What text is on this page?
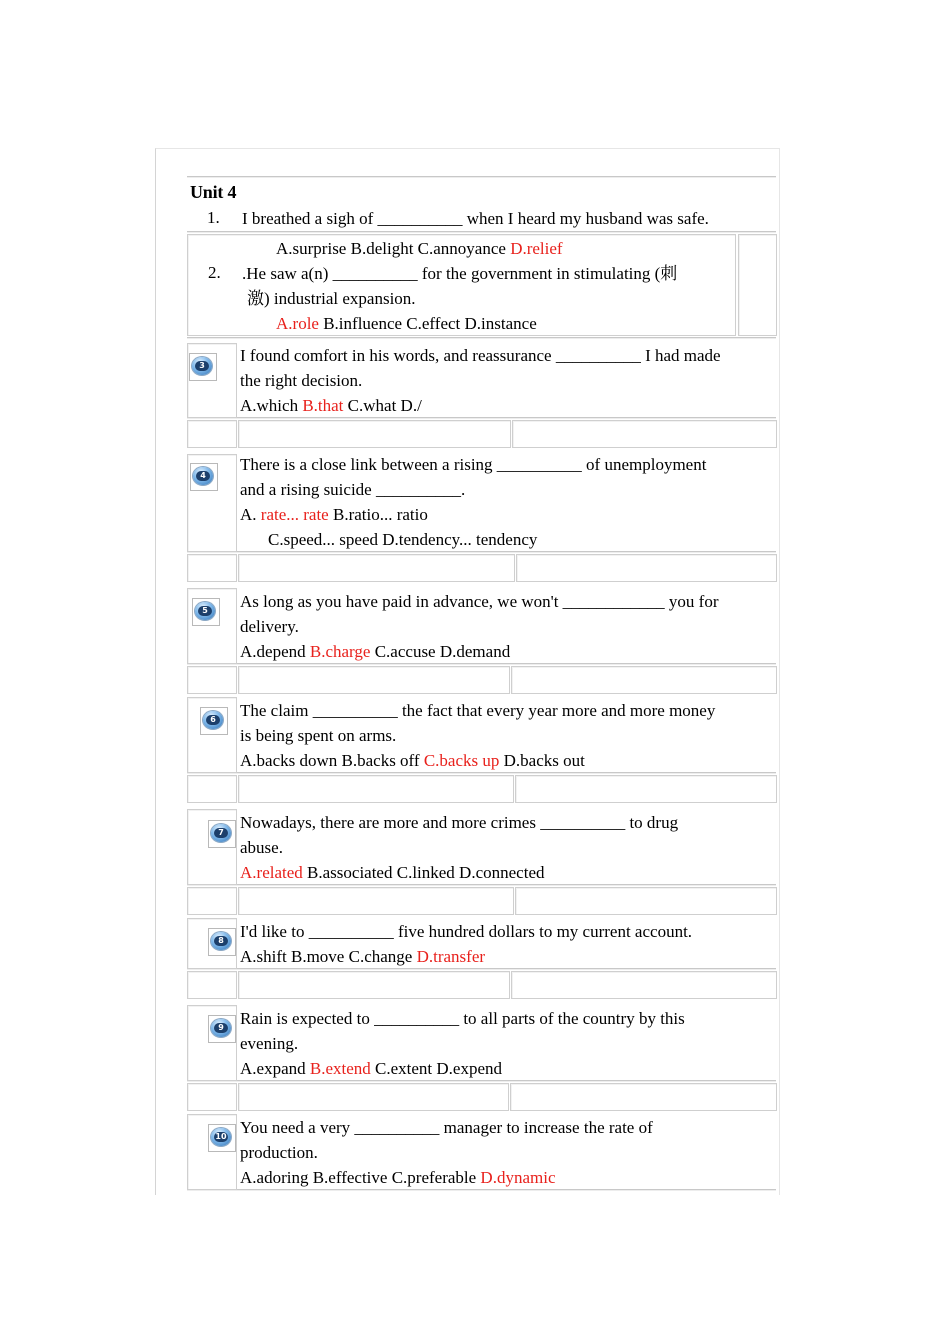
Unit 4
1. I breathed a sigh of __________ when I heard my husband was safe.
A.surprise B.delight C.annoyance D.relief
2. .He saw a(n) __________ for the government in stimulating (刺
激) industrial expansion.
A.role B.influence C.effect D.instance
3
I found comfort in his words, and reassurance __________ I had made
the right decision.
A.which B.that C.what D./
4
There is a close link between a rising __________ of unemployment
and a rising suicide __________.
A. rate... rate B.ratio... ratio
C.speed... speed D.tendency... tendency
5 As long as you have paid in advance, we won't ____________ you for
delivery.
A.depend B.charge C.accuse D.demand
6 The claim __________ the fact that every year more and more money
is being spent on arms.
A.backs down B.backs off C.backs up D.backs out
7
Nowadays, there are more and more crimes __________ to drug
abuse.
A.related B.associated C.linked D.connected
8 I'd like to __________ five hundred dollars to my current account.
A.shift B.move C.change D.transfer
9 Rain is expected to __________ to all parts of the country by this
evening.
A.expand B.extend C.extent D.expend
10 You need a very __________ manager to increase the rate of
production.
A.adoring B.effective C.preferable D.dynamic
